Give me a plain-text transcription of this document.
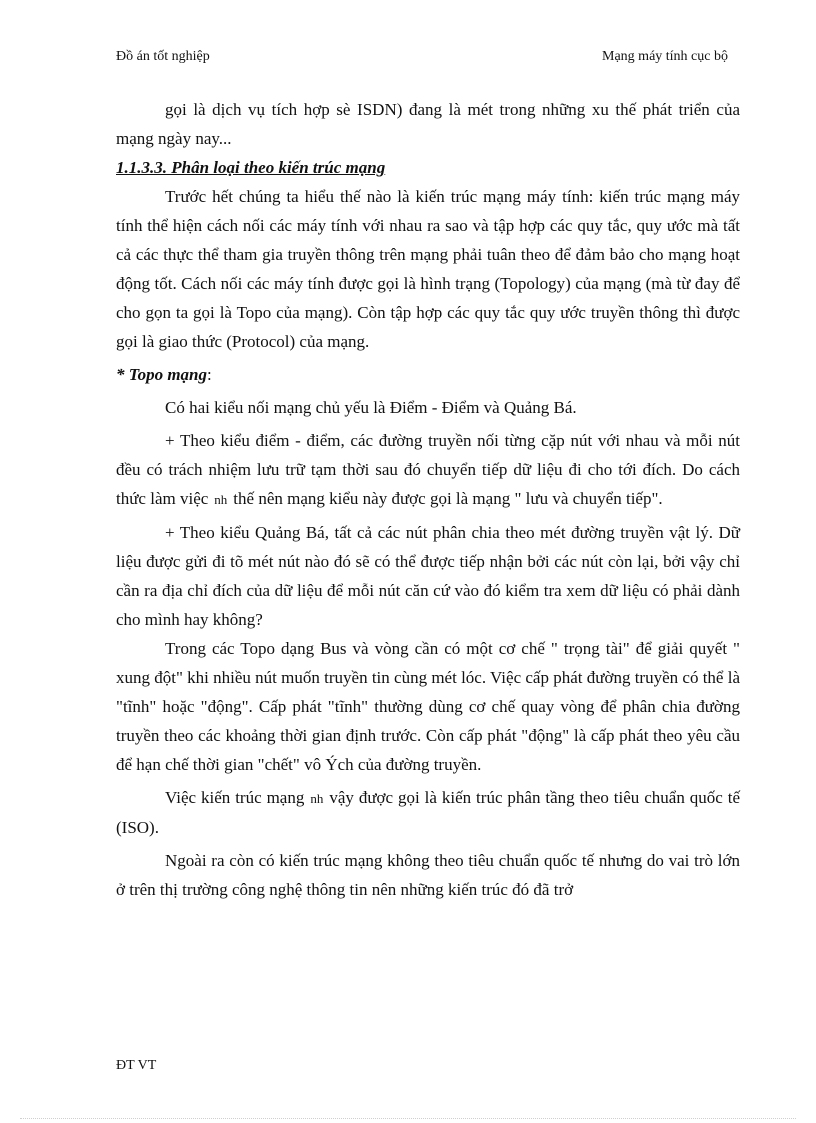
Đồ án tốt nghiệp	Mạng máy tính cục bộ

gọi là dịch vụ tích hợp sè ISDN) đang là mét trong những xu thế phát triển của mạng ngày nay...

1.1.3.3. Phân loại theo kiến trúc mạng

Trước hết chúng ta hiểu thế nào là kiến trúc mạng máy tính: kiến trúc mạng máy tính thể hiện cách nối các máy tính với nhau ra sao và tập hợp các quy tắc, quy ước mà tất cả các thực thể tham gia truyền thông trên mạng phải tuân theo để đảm bảo cho mạng hoạt động tốt. Cách nối các máy tính được gọi là hình trạng (Topology) của mạng (mà từ đay để cho gọn ta gọi là Topo của mạng). Còn tập hợp các quy tắc quy ước truyền thông thì được gọi là giao thức (Protocol) của mạng.

* Topo mạng:

Có hai kiểu nối mạng chủ yếu là Điểm - Điểm và Quảng Bá.

+ Theo kiểu điểm - điểm, các đường truyền nối từng cặp nút với nhau và mỗi nút đều có trách nhiệm lưu trữ tạm thời sau đó chuyển tiếp dữ liệu đi cho tới đích. Do cách thức làm việc nh thế nên mạng kiểu này được gọi là mạng " lưu và chuyển tiếp".

+ Theo kiểu Quảng Bá, tất cả các nút phân chia theo mét đường truyền vật lý. Dữ liệu được gửi đi tõ mét nút nào đó sẽ có thể được tiếp nhận bởi các nút còn lại, bởi vậy chỉ cần ra địa chỉ đích của dữ liệu để mỗi nút căn cứ vào đó kiểm tra xem dữ liệu có phải dành cho mình hay không?

Trong các Topo dạng Bus và vòng cần có một cơ chế " trọng tài" để giải quyết " xung đột" khi nhiều nút muốn truyền tin cùng mét lóc. Việc cấp phát đường truyền có thể là "tĩnh" hoặc "động". Cấp phát "tĩnh" thường dùng cơ chế quay vòng để phân chia đường truyền theo các khoảng thời gian định trước. Còn cấp phát "động" là cấp phát theo yêu cầu để hạn chế thời gian "chết" vô Ých của đường truyền.

Việc kiến trúc mạng nh vậy được gọi là kiến trúc phân tầng theo tiêu chuẩn quốc tế (ISO).

Ngoài ra còn có kiến trúc mạng không theo tiêu chuẩn quốc tế nhưng do vai trò lớn ở trên thị trường công nghệ thông tin nên những kiến trúc đó đã trở

ĐT VT
